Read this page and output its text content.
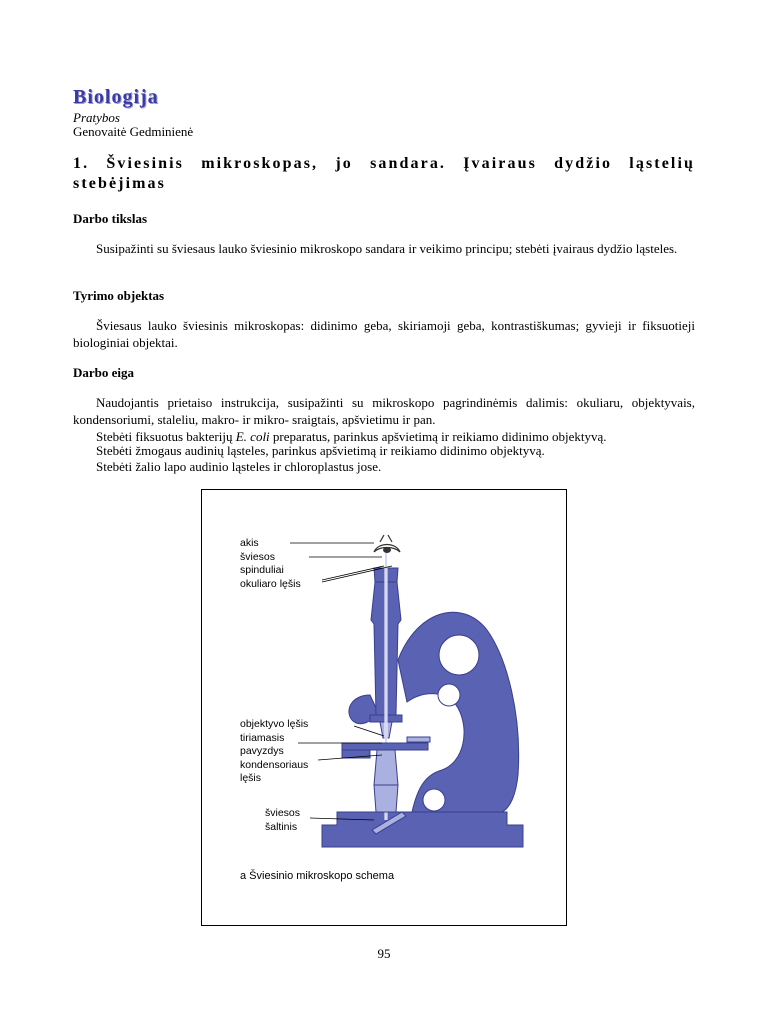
Biologija
Pratybos
Genovaitė Gedminienė
1. Šviesinis mikroskopas, jo sandara. Įvairaus dydžio ląstelių stebėjimas
Darbo tikslas

Susipažinti su šviesaus lauko šviesinio mikroskopo sandara ir veikimo principu; stebėti įvairaus dydžio ląsteles.

Tyrimo objektas

Šviesaus lauko šviesinis mikroskopas: didinimo geba, skiriamoji geba, kontrastiškumas; gyvieji ir fiksuotieji biologiniai objektai.

Darbo eiga

Naudojantis prietaiso instrukcija, susipažinti su mikroskopo pagrindinėmis dalimis: okuliaru, objektyvais, kondensoriumi, staleliu, makro- ir mikro- sraigtais, apšvietimu ir pan.

Stebėti fiksuotus bakterijų E. coli preparatus, parinkus apšvietimą ir reikiamo didinimo objektyvą.

Stebėti žmogaus audinių ląsteles, parinkus apšvietimą ir reikiamo didinimo objektyvą.

Stebėti žalio lapo audinio ląsteles ir chloroplastus jose.

akis
šviesos
spinduliai
okuliaro lęšis
objektyvo lęšis
tiriamasis
pavyzdys
kondensoriaus
lęšis
šviesos
šaltinis
a Šviesinio mikroskopo schema
95
